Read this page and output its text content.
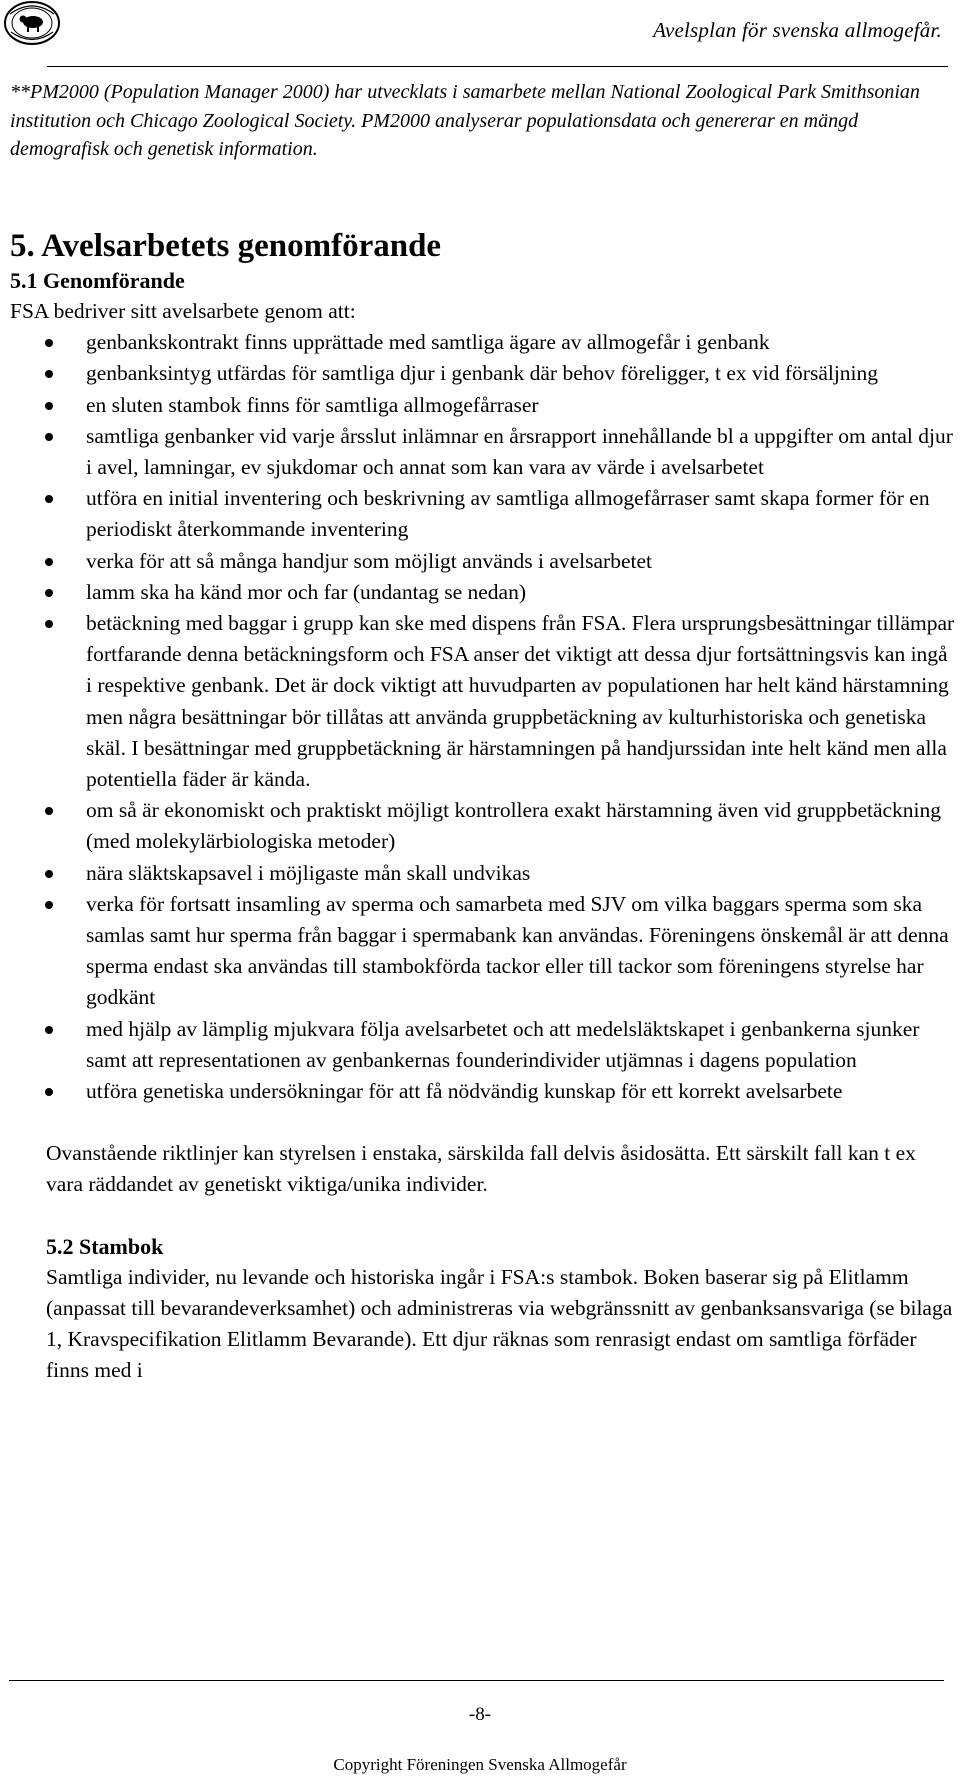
Avelsplan för svenska allmogefår.
**PM2000 (Population Manager 2000) har utvecklats i samarbete mellan National Zoological Park Smithsonian institution och Chicago Zoological Society. PM2000 analyserar populationsdata och genererar en mängd demografisk och genetisk information.
5. Avelsarbetets genomförande
5.1 Genomförande

FSA bedriver sitt avelsarbete genom att:

genbankskontrakt finns upprättade med samtliga ägare av allmogefår i genbank
genbanksintyg utfärdas för samtliga djur i genbank där behov föreligger, t ex vid försäljning
en sluten stambok finns för samtliga allmogefårraser
samtliga genbanker vid varje årsslut inlämnar en årsrapport innehållande bl a uppgifter om antal djur i avel, lamningar, ev sjukdomar och annat som kan vara av värde i avelsarbetet
utföra en initial inventering och beskrivning av samtliga allmogefårraser samt skapa former för en periodiskt återkommande inventering
verka för att så många handjur som möjligt används i avelsarbetet
lamm ska ha känd mor och far (undantag se nedan)
betäckning med baggar i grupp kan ske med dispens från FSA. Flera ursprungsbesättningar tillämpar fortfarande denna betäckningsform och FSA anser det viktigt att dessa djur fortsättningsvis kan ingå i respektive genbank. Det är dock viktigt att huvudparten av populationen har helt känd härstamning men några besättningar bör tillåtas att använda gruppbetäckning av kulturhistoriska och genetiska skäl. I besättningar med gruppbetäckning är härstamningen på handjurssidan inte helt känd men alla potentiella fäder är kända.
om så är ekonomiskt och praktiskt möjligt kontrollera exakt härstamning även vid gruppbetäckning (med molekylärbiologiska metoder)
nära släktskapsavel i möjligaste mån skall undvikas
verka för fortsatt insamling av sperma och samarbeta med SJV om vilka baggars sperma som ska samlas samt hur sperma från baggar i spermabank kan användas. Föreningens önskemål är att denna sperma endast ska användas till stambokförda tackor eller till tackor som föreningens styrelse har godkänt
med hjälp av lämplig mjukvara följa avelsarbetet och att medelsläktskapet i genbankerna sjunker samt att representationen av genbankernas founderindivider utjämnas i dagens population
utföra genetiska undersökningar för att få nödvändig kunskap för ett korrekt avelsarbete

Ovanstående riktlinjer kan styrelsen i enstaka, särskilda fall delvis åsidosätta. Ett särskilt fall kan t ex vara räddandet av genetiskt viktiga/unika individer.

5.2 Stambok

Samtliga individer, nu levande och historiska ingår i FSA:s stambok. Boken baserar sig på Elitlamm (anpassat till bevarandeverksamhet) och administreras via webgränssnitt av genbanksansvariga (se bilaga 1, Kravspecifikation Elitlamm Bevarande). Ett djur räknas som renrasigt endast om samtliga förfäder finns med i

-8-
Copyright Föreningen Svenska Allmogefår
